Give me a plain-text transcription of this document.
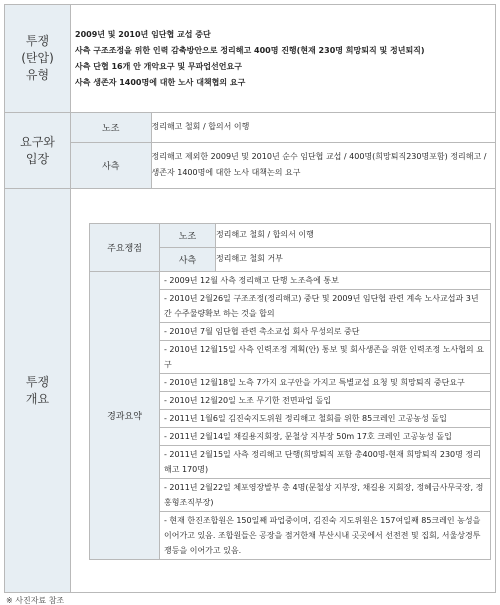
투쟁
(탄압)
유형

2009년 및 2010년 임단협 교섭 중단
사측 구조조정을 위한 인력 감축방안으로 정리해고 400명 진행(현재 230명 희망퇴직 및 정년퇴직)
사측 단협 16개 안 개악요구 및 무파업선언요구
사측 생존자 1400명에 대한 노사 대책협의 요구

요구와
입장

노조	정리해고 철회 / 합의서 이행
사측	정리해고 제외한 2009년 및 2010년 순수 임단협 교섭 / 400명(희망퇴직230명포함) 정리해고 / 생존자 1400명에 대한 노사 대책논의 요구

투쟁
개요

주요쟁점	노조	정리해고 철회 / 합의서 이행
사측	정리해고 철회 거부
경과요약	
- 2009년 12월 사측 정리해고 단행 노조측에 통보
- 2010년 2월26일 구조조정(정리해고) 중단 및 2009년 임단협 관련 계속 노사교섭과 3년간 수주물량확보 하는 것을 합의
- 2010년 7월 임단협 관련 촉소교섭 회사 무성의로 중단
- 2010년 12월15일 사측 인력조정 계획(안) 통보 및 회사생존을 위한 인력조정 노사협의 요구
- 2010년 12월18일 노측 7가지 요구안을 가지고 특별교섭 요청 및 희망퇴직 중단요구
- 2010년 12월20일 노조 무기한 전면파업 돌입
- 2011년 1월6일 김진숙지도위원 정리해고 철회를 위한 85크레인 고공농성 돌입
- 2011년 2월14일 채길용지회장, 문철상 지부장 50m 17호 크레인 고공농성 돌입
- 2011년 2월15일 사측 정리해고 단행(희망퇴직 포함 총400명-현재 희망퇴직 230명 정리해고 170명)
- 2011년 2월22일 체포영장발부 총 4명(문철상 지부장, 채길용 지회장, 정혜금사무국장, 정홍형조직부장)
- 현재 한진조합원은 150일째 파업중이며, 김진숙 지도위원은 157여일째 85크레인 농성을 이어가고 있음. 조합원들은 공장을 점거한채 부산시내 곳곳에서 선전전 및 집회, 서울상경투쟁등을 이어가고 있음.
※ 사진자료 참조
